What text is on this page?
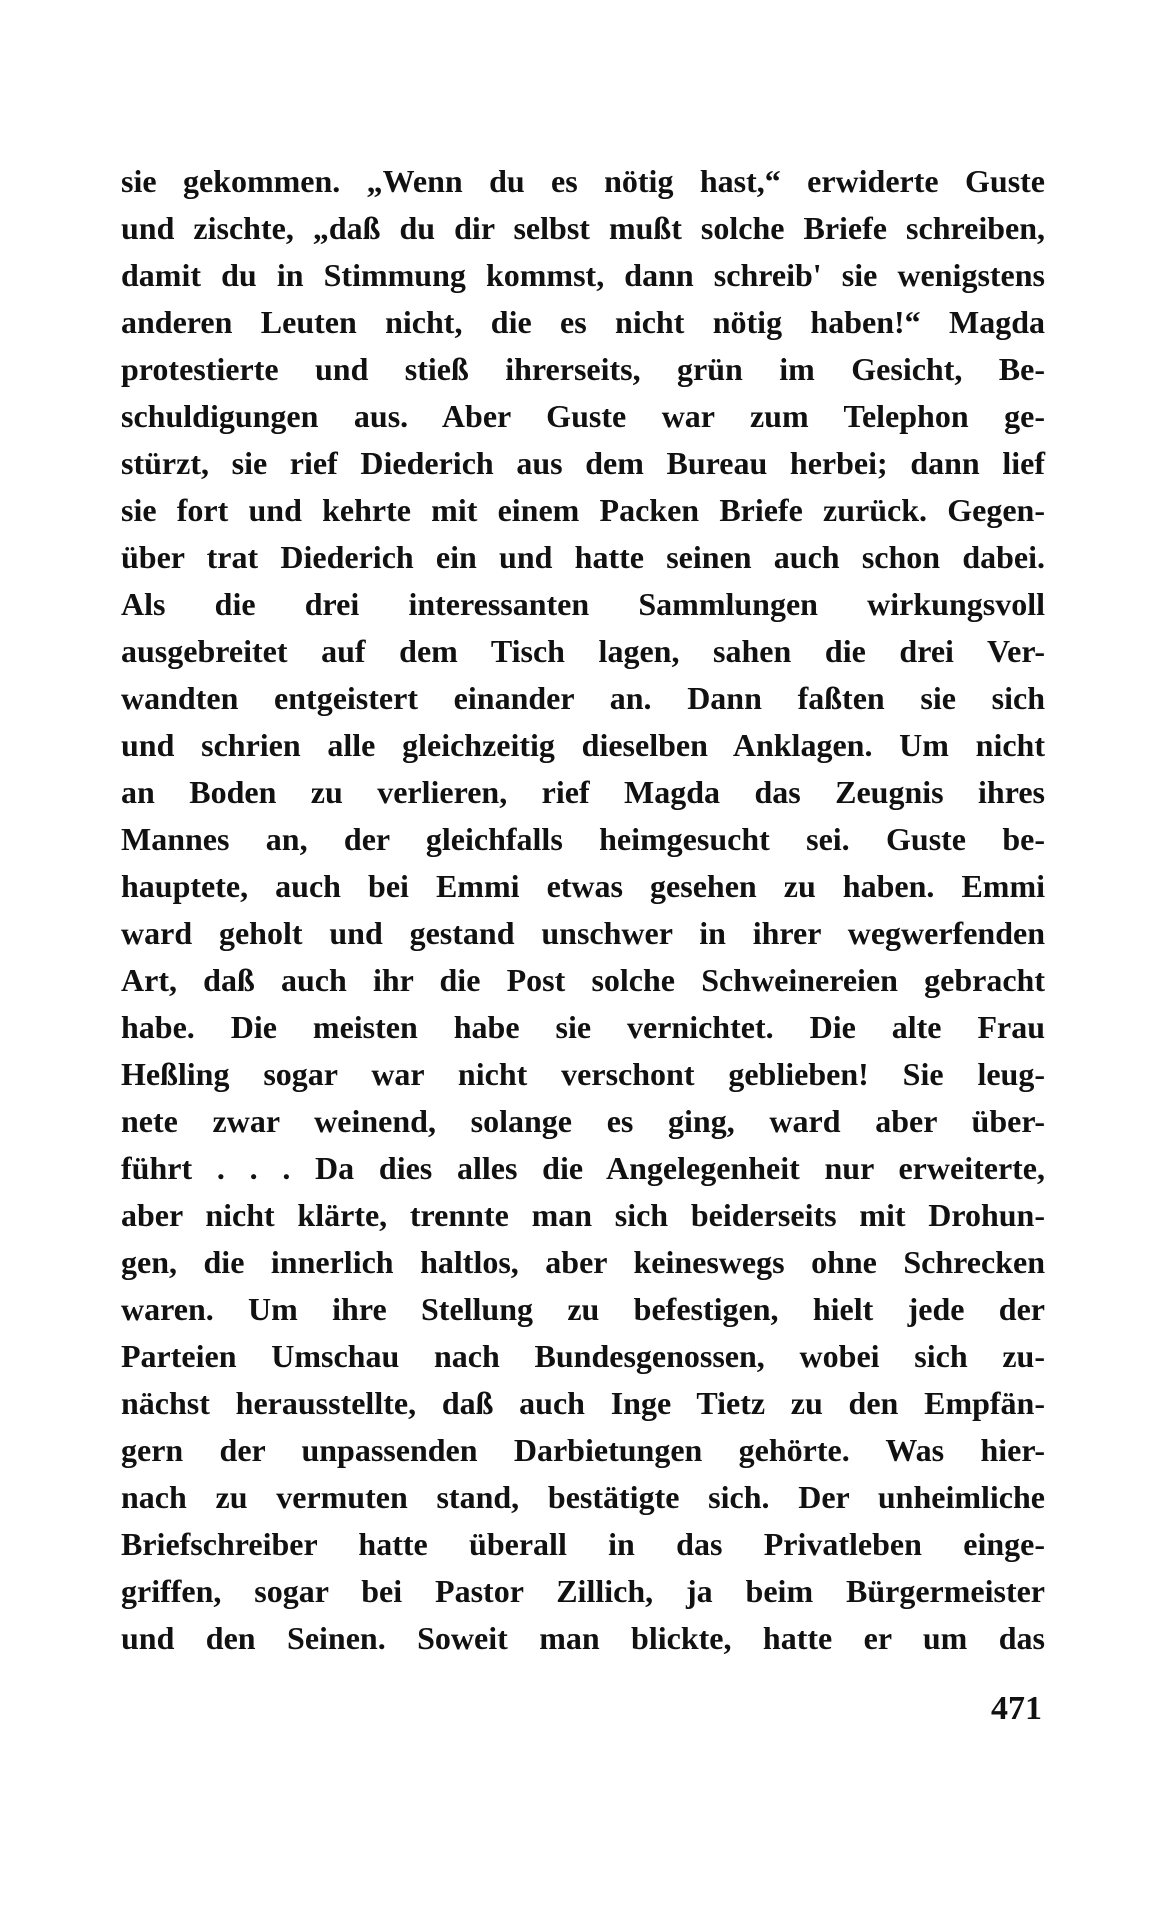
sie gekommen. „Wenn du es nötig hast,“ erwiderte Guste
und zischte, „daß du dir selbst mußt solche Briefe schreiben,
damit du in Stimmung kommst, dann schreib' sie wenigstens
anderen Leuten nicht, die es nicht nötig haben!“ Magda
protestierte und stieß ihrerseits, grün im Gesicht, Be-
schuldigungen aus. Aber Guste war zum Telephon ge-
stürzt, sie rief Diederich aus dem Bureau herbei; dann lief
sie fort und kehrte mit einem Packen Briefe zurück. Gegen-
über trat Diederich ein und hatte seinen auch schon dabei.
Als die drei interessanten Sammlungen wirkungsvoll
ausgebreitet auf dem Tisch lagen, sahen die drei Ver-
wandten entgeistert einander an. Dann faßten sie sich
und schrien alle gleichzeitig dieselben Anklagen. Um nicht
an Boden zu verlieren, rief Magda das Zeugnis ihres
Mannes an, der gleichfalls heimgesucht sei. Guste be-
hauptete, auch bei Emmi etwas gesehen zu haben. Emmi
ward geholt und gestand unschwer in ihrer wegwerfenden
Art, daß auch ihr die Post solche Schweinereien gebracht
habe. Die meisten habe sie vernichtet. Die alte Frau
Heßling sogar war nicht verschont geblieben! Sie leug-
nete zwar weinend, solange es ging, ward aber über-
führt . . . Da dies alles die Angelegenheit nur erweiterte,
aber nicht klärte, trennte man sich beiderseits mit Drohun-
gen, die innerlich haltlos, aber keineswegs ohne Schrecken
waren. Um ihre Stellung zu befestigen, hielt jede der
Parteien Umschau nach Bundesgenossen, wobei sich zu-
nächst herausstellte, daß auch Inge Tietz zu den Empfän-
gern der unpassenden Darbietungen gehörte. Was hier-
nach zu vermuten stand, bestätigte sich. Der unheimliche
Briefschreiber hatte überall in das Privatleben einge-
griffen, sogar bei Pastor Zillich, ja beim Bürgermeister
und den Seinen. Soweit man blickte, hatte er um das
471
